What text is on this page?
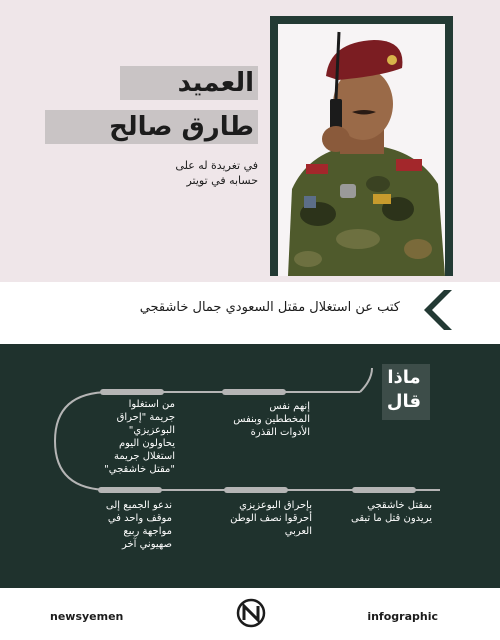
العميد
طارق صالح
في تغريدة له على حسابه في تويتر
كتب عن استغلال مقتل السعودي جمال خاشقجي
ماذا
قال
من استغلوا جريمة "إحراق البوعزيزي" يحاولون اليوم استغلال جريمة "مقتل خاشقجي"
إنهم نفس المخططين وبنفس الأدوات القذرة
ندعو الجميع إلى موقف واحد في مواجهة ربيع صهيوني آخر
بإحراق البوعزيزي أحرقوا نصف الوطن العربي
بمقتل خاشقجي يريدون قتل ما تبقى
newsyemen	infographic
